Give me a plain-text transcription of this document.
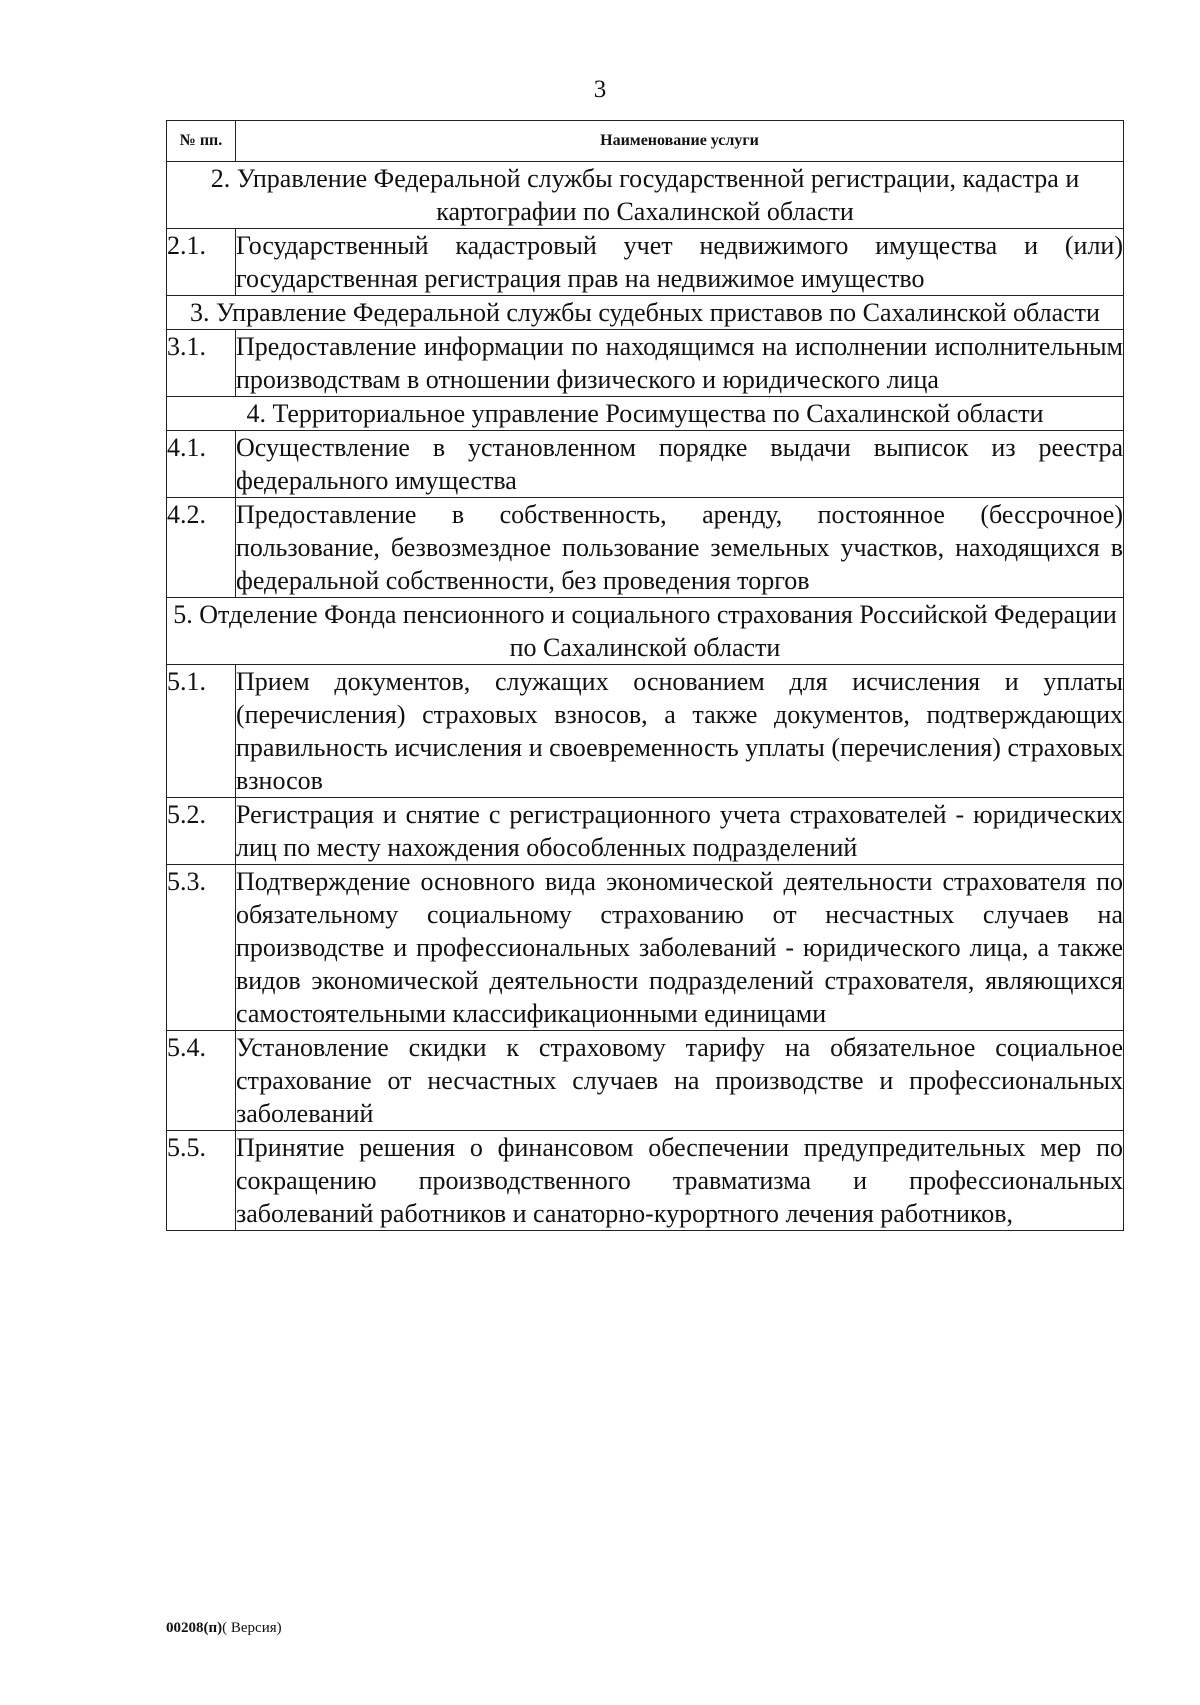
3
№ пп.	Наименование услуги
2. Управление Федеральной службы государственной регистрации, кадастра и картографии по Сахалинской области	
2.1.	Государственный кадастровый учет недвижимого имущества и (или) государственная регистрация прав на недвижимое имущество
3. Управление Федеральной службы судебных приставов по Сахалинской области	
3.1.	Предоставление информации по находящимся на исполнении исполнительным производствам в отношении физического и юридического лица
4. Территориальное управление Росимущества по Сахалинской области	
4.1.	Осуществление в установленном порядке выдачи выписок из реестра федерального имущества
4.2.	Предоставление в собственность, аренду, постоянное (бессрочное) пользование, безвозмездное пользование земельных участков, находящихся в федеральной собственности, без проведения торгов
5. Отделение Фонда пенсионного и социального страхования Российской Федерации по Сахалинской области	
5.1.	Прием документов, служащих основанием для исчисления и уплаты (перечисления) страховых взносов, а также документов, подтверждающих правильность исчисления и своевременность уплаты (перечисления) страховых взносов
5.2.	Регистрация и снятие с регистрационного учета страхователей - юридических лиц по месту нахождения обособленных подразделений
5.3.	Подтверждение основного вида экономической деятельности страхователя по обязательному социальному страхованию от несчастных случаев на производстве и профессиональных заболеваний - юридического лица, а также видов экономической деятельности подразделений страхователя, являющихся самостоятельными классификационными единицами
5.4.	Установление скидки к страховому тарифу на обязательное социальное страхование от несчастных случаев на производстве и профессиональных заболеваний
5.5.	Принятие решения о финансовом обеспечении предупредительных мер по сокращению производственного травматизма и профессиональных заболеваний работников и санаторно-курортного лечения работников,
00208(п)( Версия)
